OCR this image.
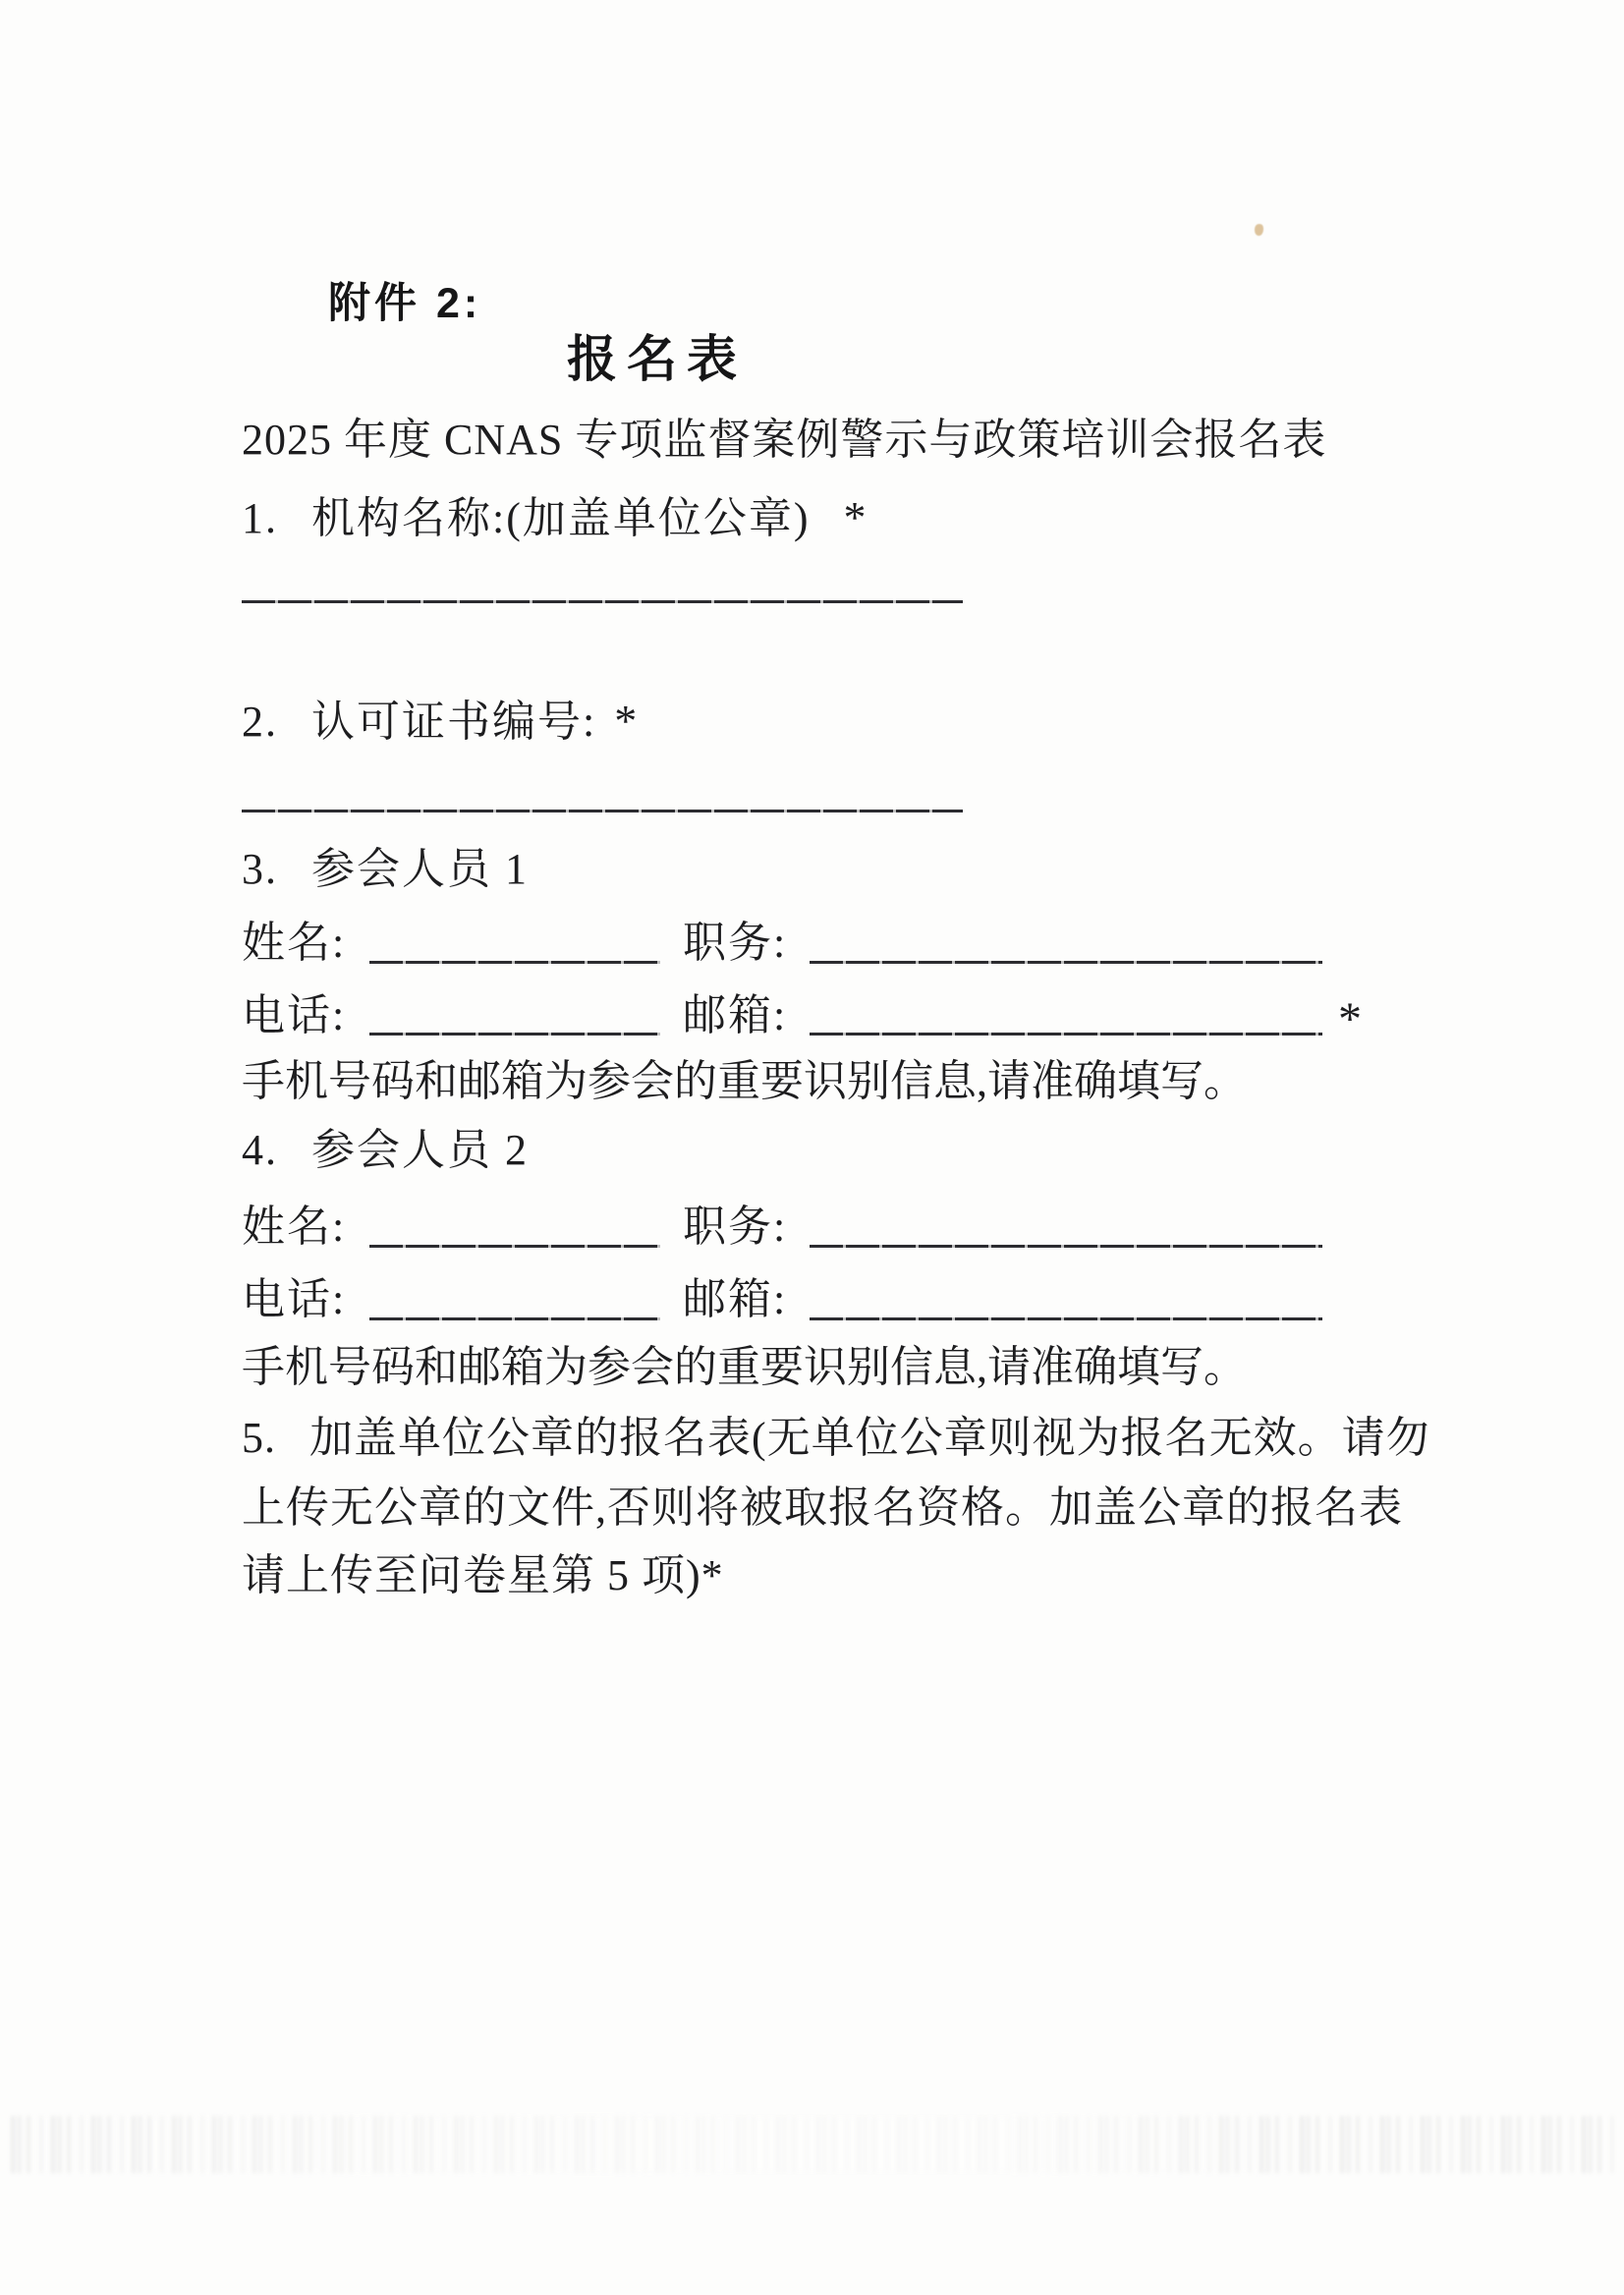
附件 2:
报名表
2025 年度 CNAS 专项监督案例警示与政策培训会报名表
1. 机构名称:(加盖单位公章) *
2. 认可证书编号: *
3. 参会人员 1
姓名:	职务:
电话:	邮箱:	*
手机号码和邮箱为参会的重要识别信息,请准确填写。
4. 参会人员 2
姓名:	职务:
电话:	邮箱:
手机号码和邮箱为参会的重要识别信息,请准确填写。
5. 加盖单位公章的报名表(无单位公章则视为报名无效。请勿
上传无公章的文件,否则将被取报名资格。加盖公章的报名表
请上传至问卷星第 5 项)*
